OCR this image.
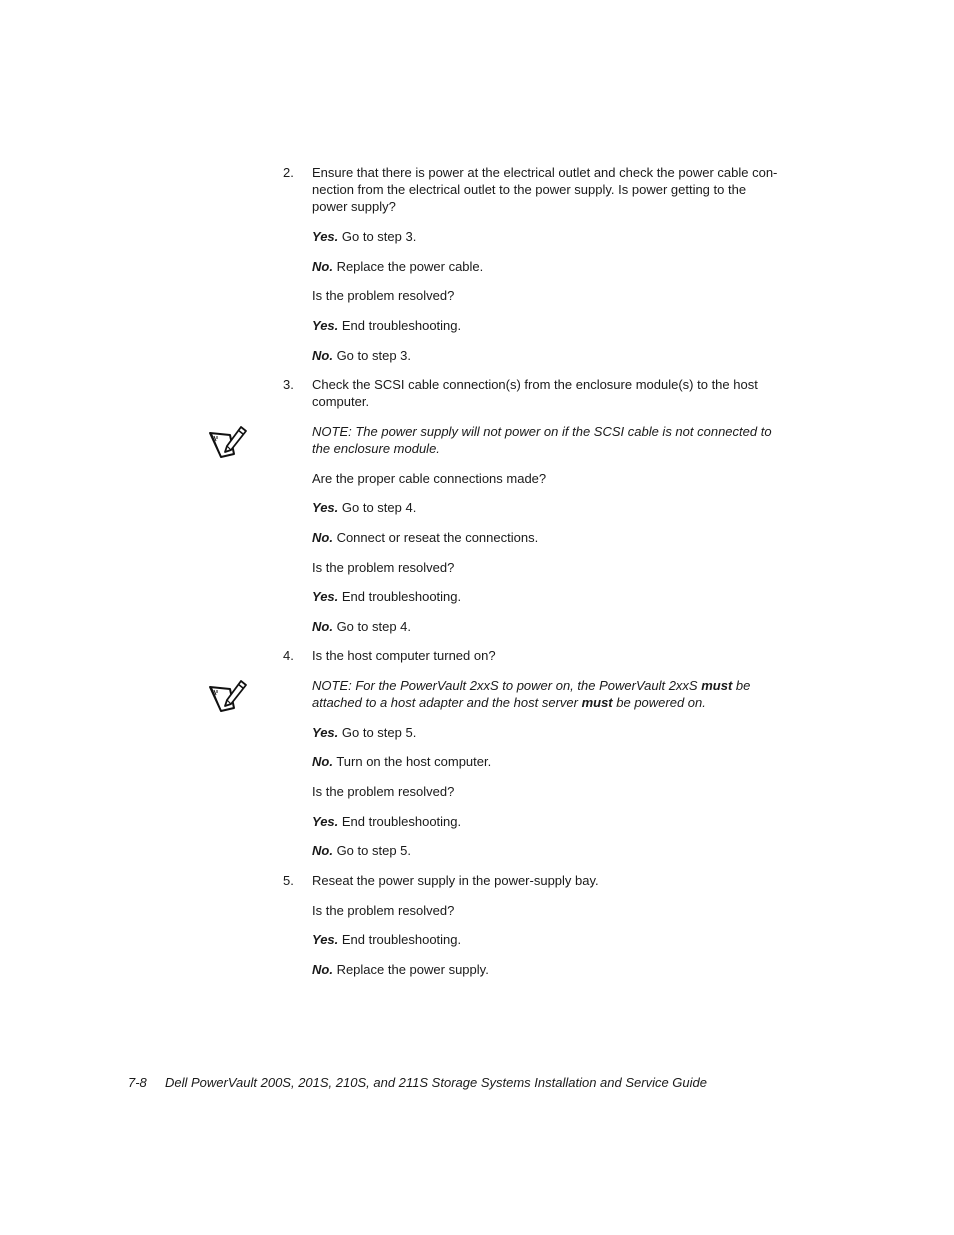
2. Ensure that there is power at the electrical outlet and check the power cable con-
nection from the electrical outlet to the power supply. Is power getting to the
power supply?
Yes. Go to step 3.
No. Replace the power cable.
Is the problem resolved?
Yes. End troubleshooting.
No. Go to step 3.
3. Check the SCSI cable connection(s) from the enclosure module(s) to the host
computer.
NOTE: The power supply will not power on if the SCSI cable is not connected to
the enclosure module.
Are the proper cable connections made?
Yes. Go to step 4.
No. Connect or reseat the connections.
Is the problem resolved?
Yes. End troubleshooting.
No. Go to step 4.
4. Is the host computer turned on?
NOTE: For the PowerVault 2xxS to power on, the PowerVault 2xxS must be
attached to a host adapter and the host server must be powered on.
Yes. Go to step 5.
No. Turn on the host computer.
Is the problem resolved?
Yes. End troubleshooting.
No. Go to step 5.
5. Reseat the power supply in the power-supply bay.
Is the problem resolved?
Yes. End troubleshooting.
No. Replace the power supply.
7-8 Dell PowerVault 200S, 201S, 210S, and 211S Storage Systems Installation and Service Guide
